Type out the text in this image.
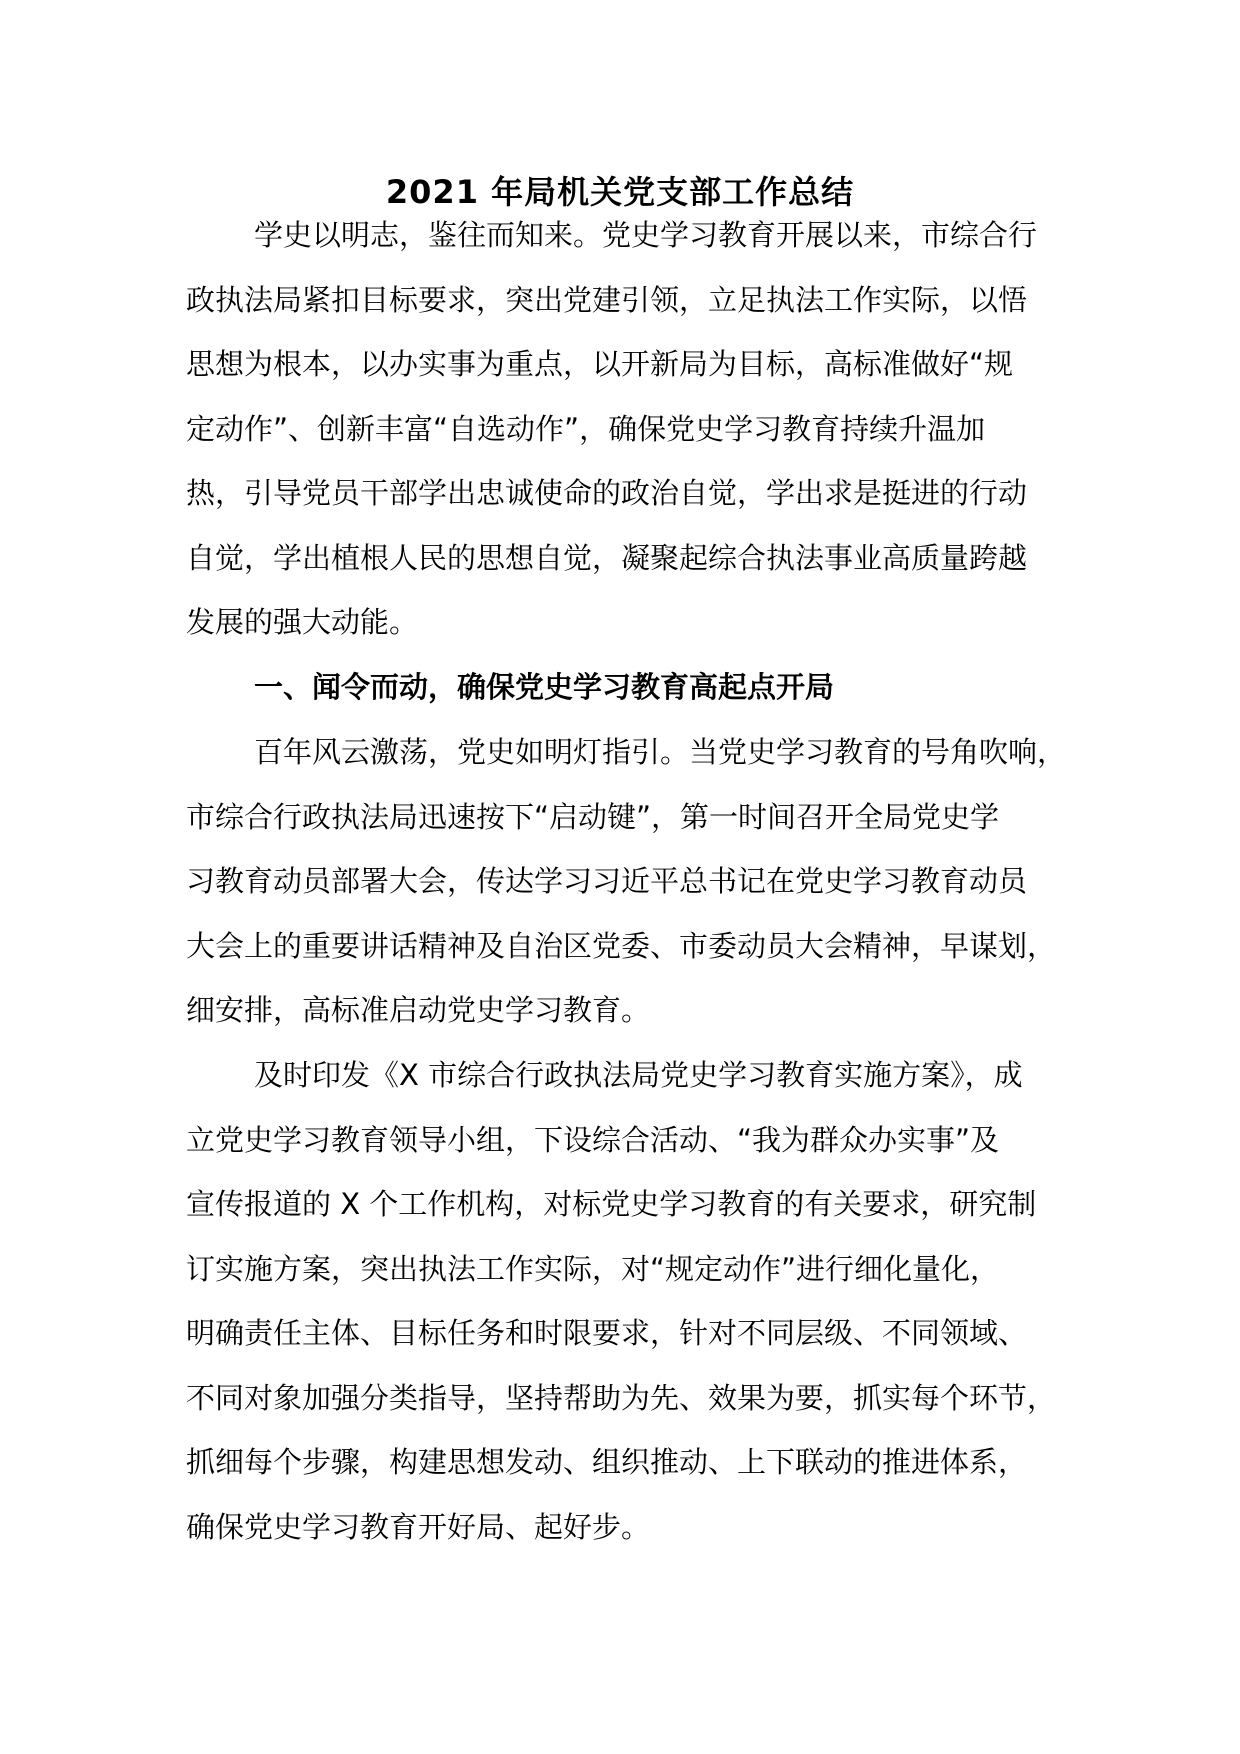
2021 年局机关党支部工作总结
学史以明志，鉴往而知来。党史学习教育开展以来，市综合行
政执法局紧扣目标要求，突出党建引领，立足执法工作实际，以悟
思想为根本，以办实事为重点，以开新局为目标，高标准做好“规
定动作”、创新丰富“自选动作”，确保党史学习教育持续升温加
热，引导党员干部学出忠诚使命的政治自觉，学出求是挺进的行动
自觉，学出植根人民的思想自觉，凝聚起综合执法事业高质量跨越
发展的强大动能。
一、闻令而动，确保党史学习教育高起点开局
百年风云激荡，党史如明灯指引。当党史学习教育的号角吹响，
市综合行政执法局迅速按下“启动键”，第一时间召开全局党史学
习教育动员部署大会，传达学习习近平总书记在党史学习教育动员
大会上的重要讲话精神及自治区党委、市委动员大会精神，早谋划，
细安排，高标准启动党史学习教育。
及时印发《X 市综合行政执法局党史学习教育实施方案》，成
立党史学习教育领导小组，下设综合活动、“我为群众办实事”及
宣传报道的 X 个工作机构，对标党史学习教育的有关要求，研究制
订实施方案，突出执法工作实际，对“规定动作”进行细化量化，
明确责任主体、目标任务和时限要求，针对不同层级、不同领域、
不同对象加强分类指导，坚持帮助为先、效果为要，抓实每个环节，
抓细每个步骤，构建思想发动、组织推动、上下联动的推进体系，
确保党史学习教育开好局、起好步。
